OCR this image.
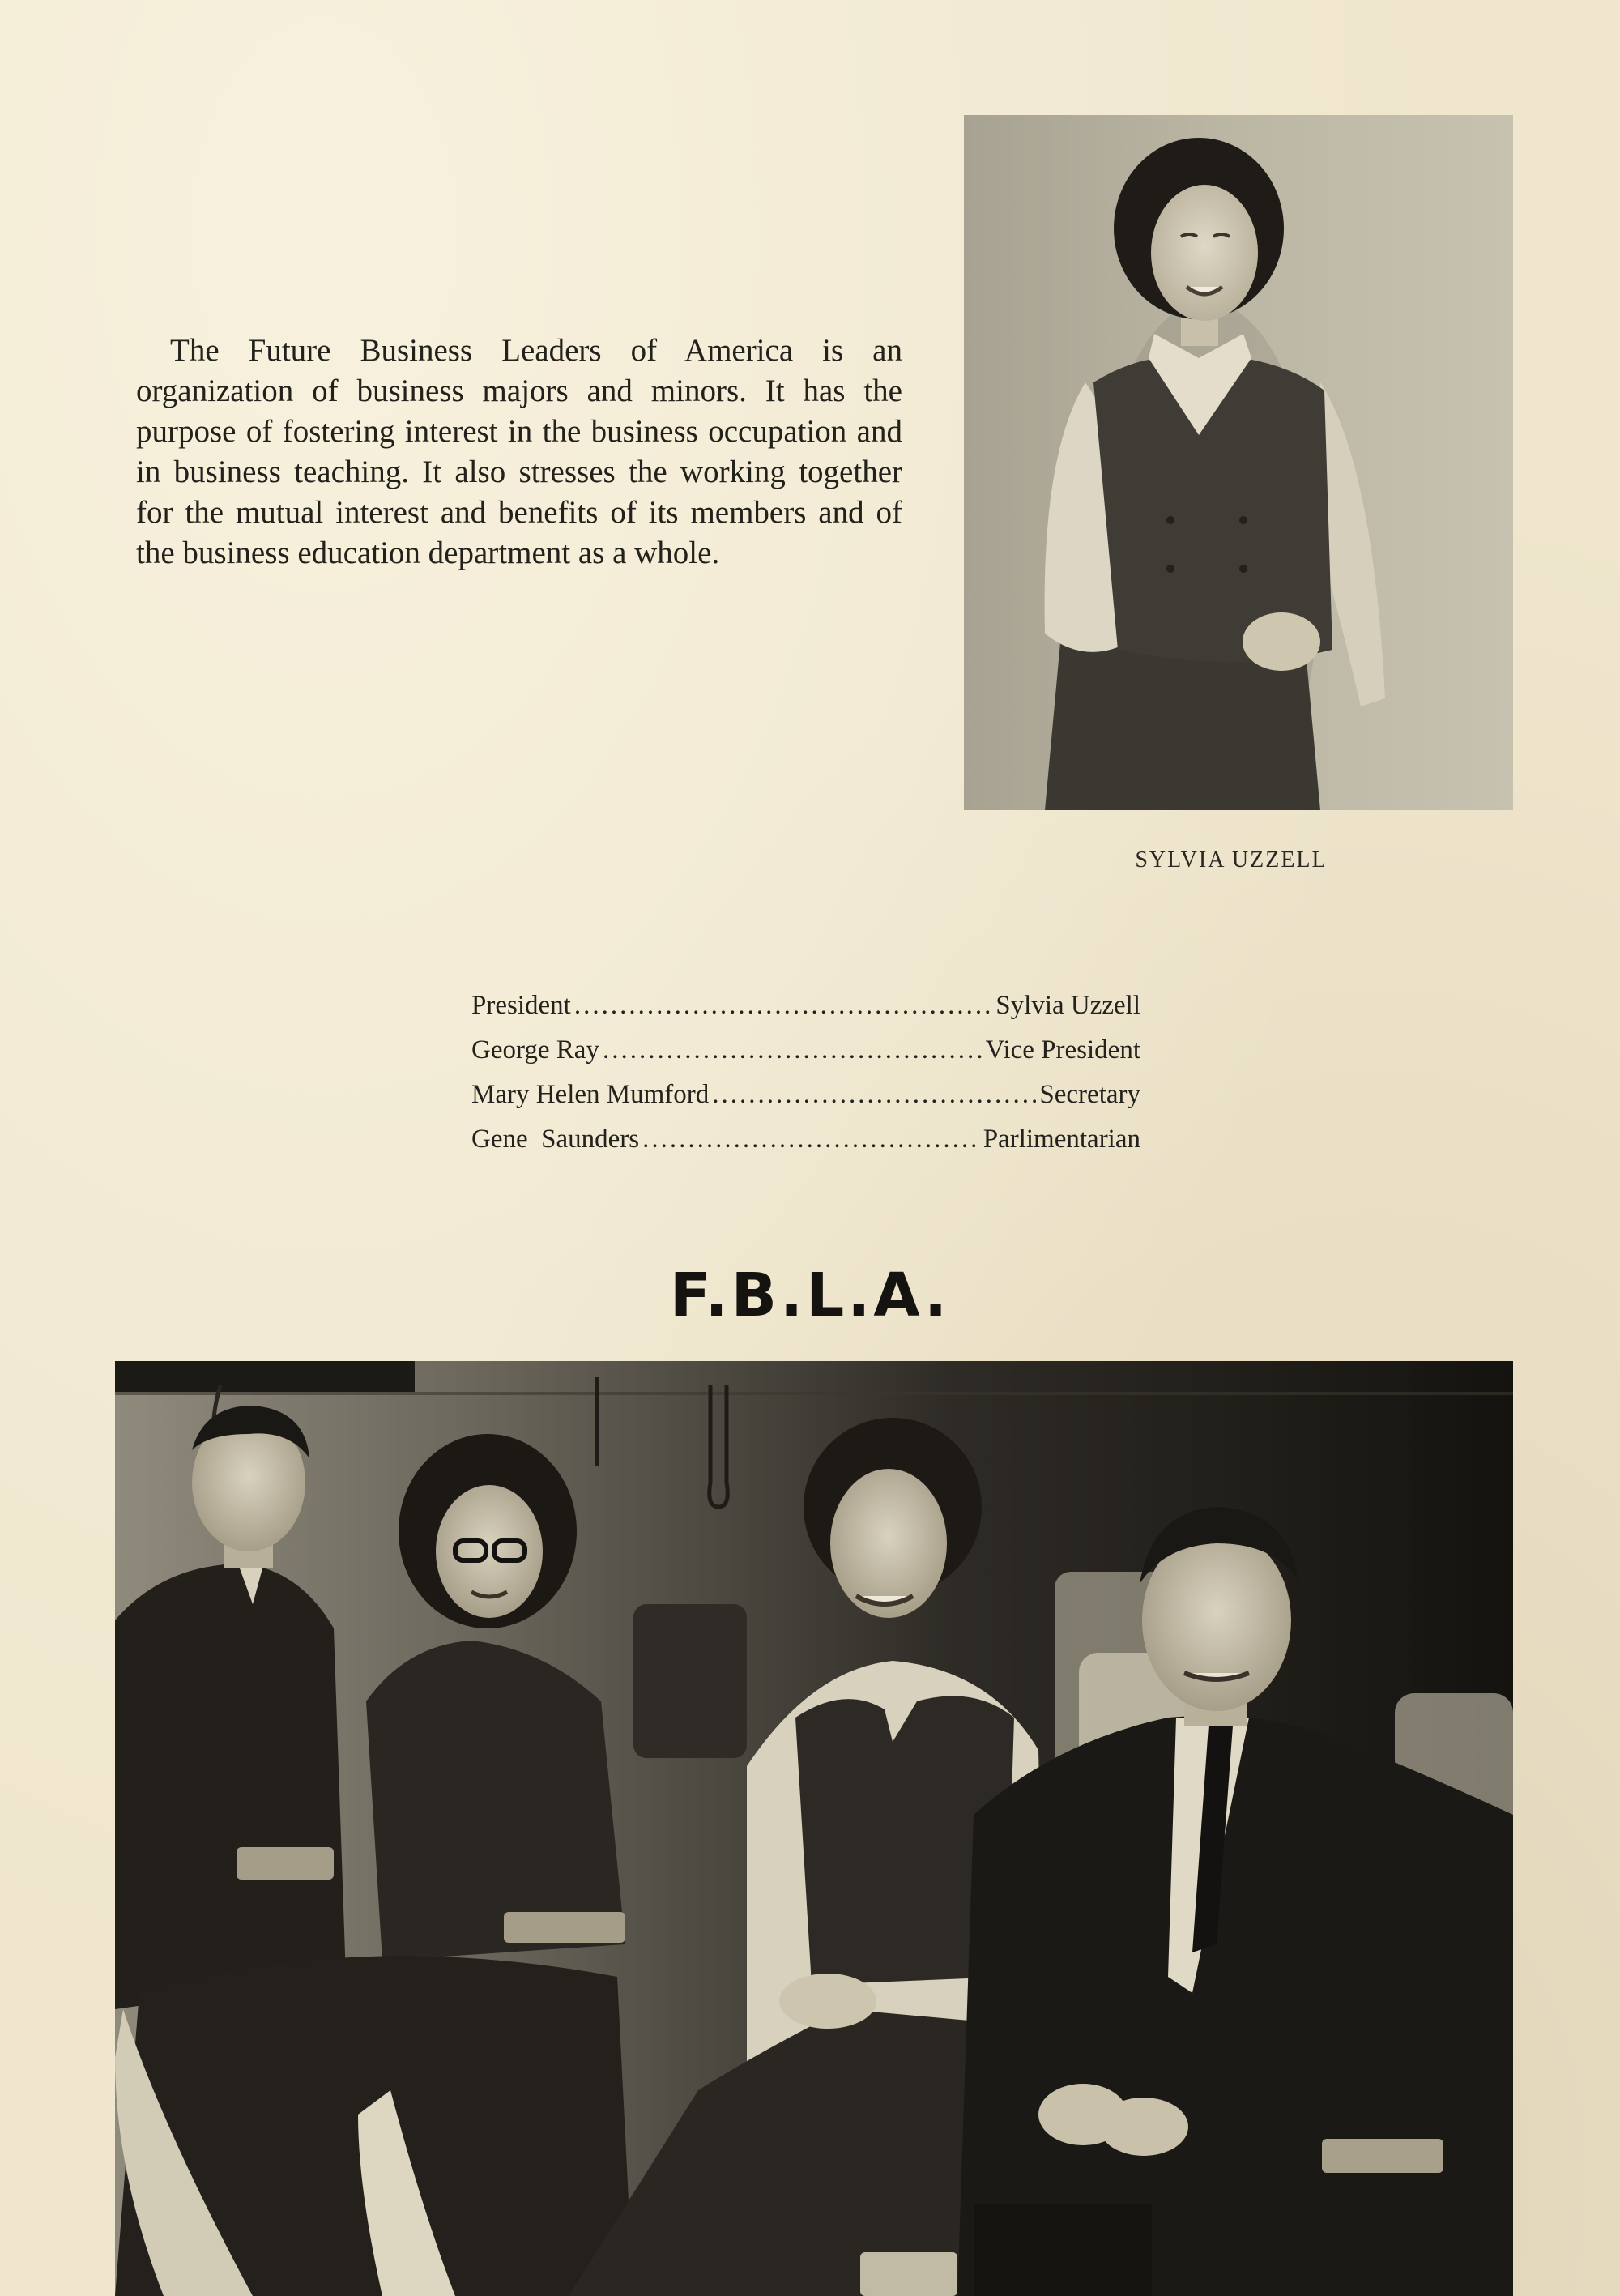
The Future Business Leaders of America is an organization of business majors and minors. It has the purpose of fostering interest in the business occupation and in business teaching. It also stresses the working together for the mutual interest and benefits of its members and of the business education department as a whole.

SYLVIA UZZELL
President .....	Sylvia Uzzell
George Ray .....	Vice President
Mary Helen Mumford .....	Secretary
Gene  Saunders .....	Parlimentarian
F.B.L.A.
